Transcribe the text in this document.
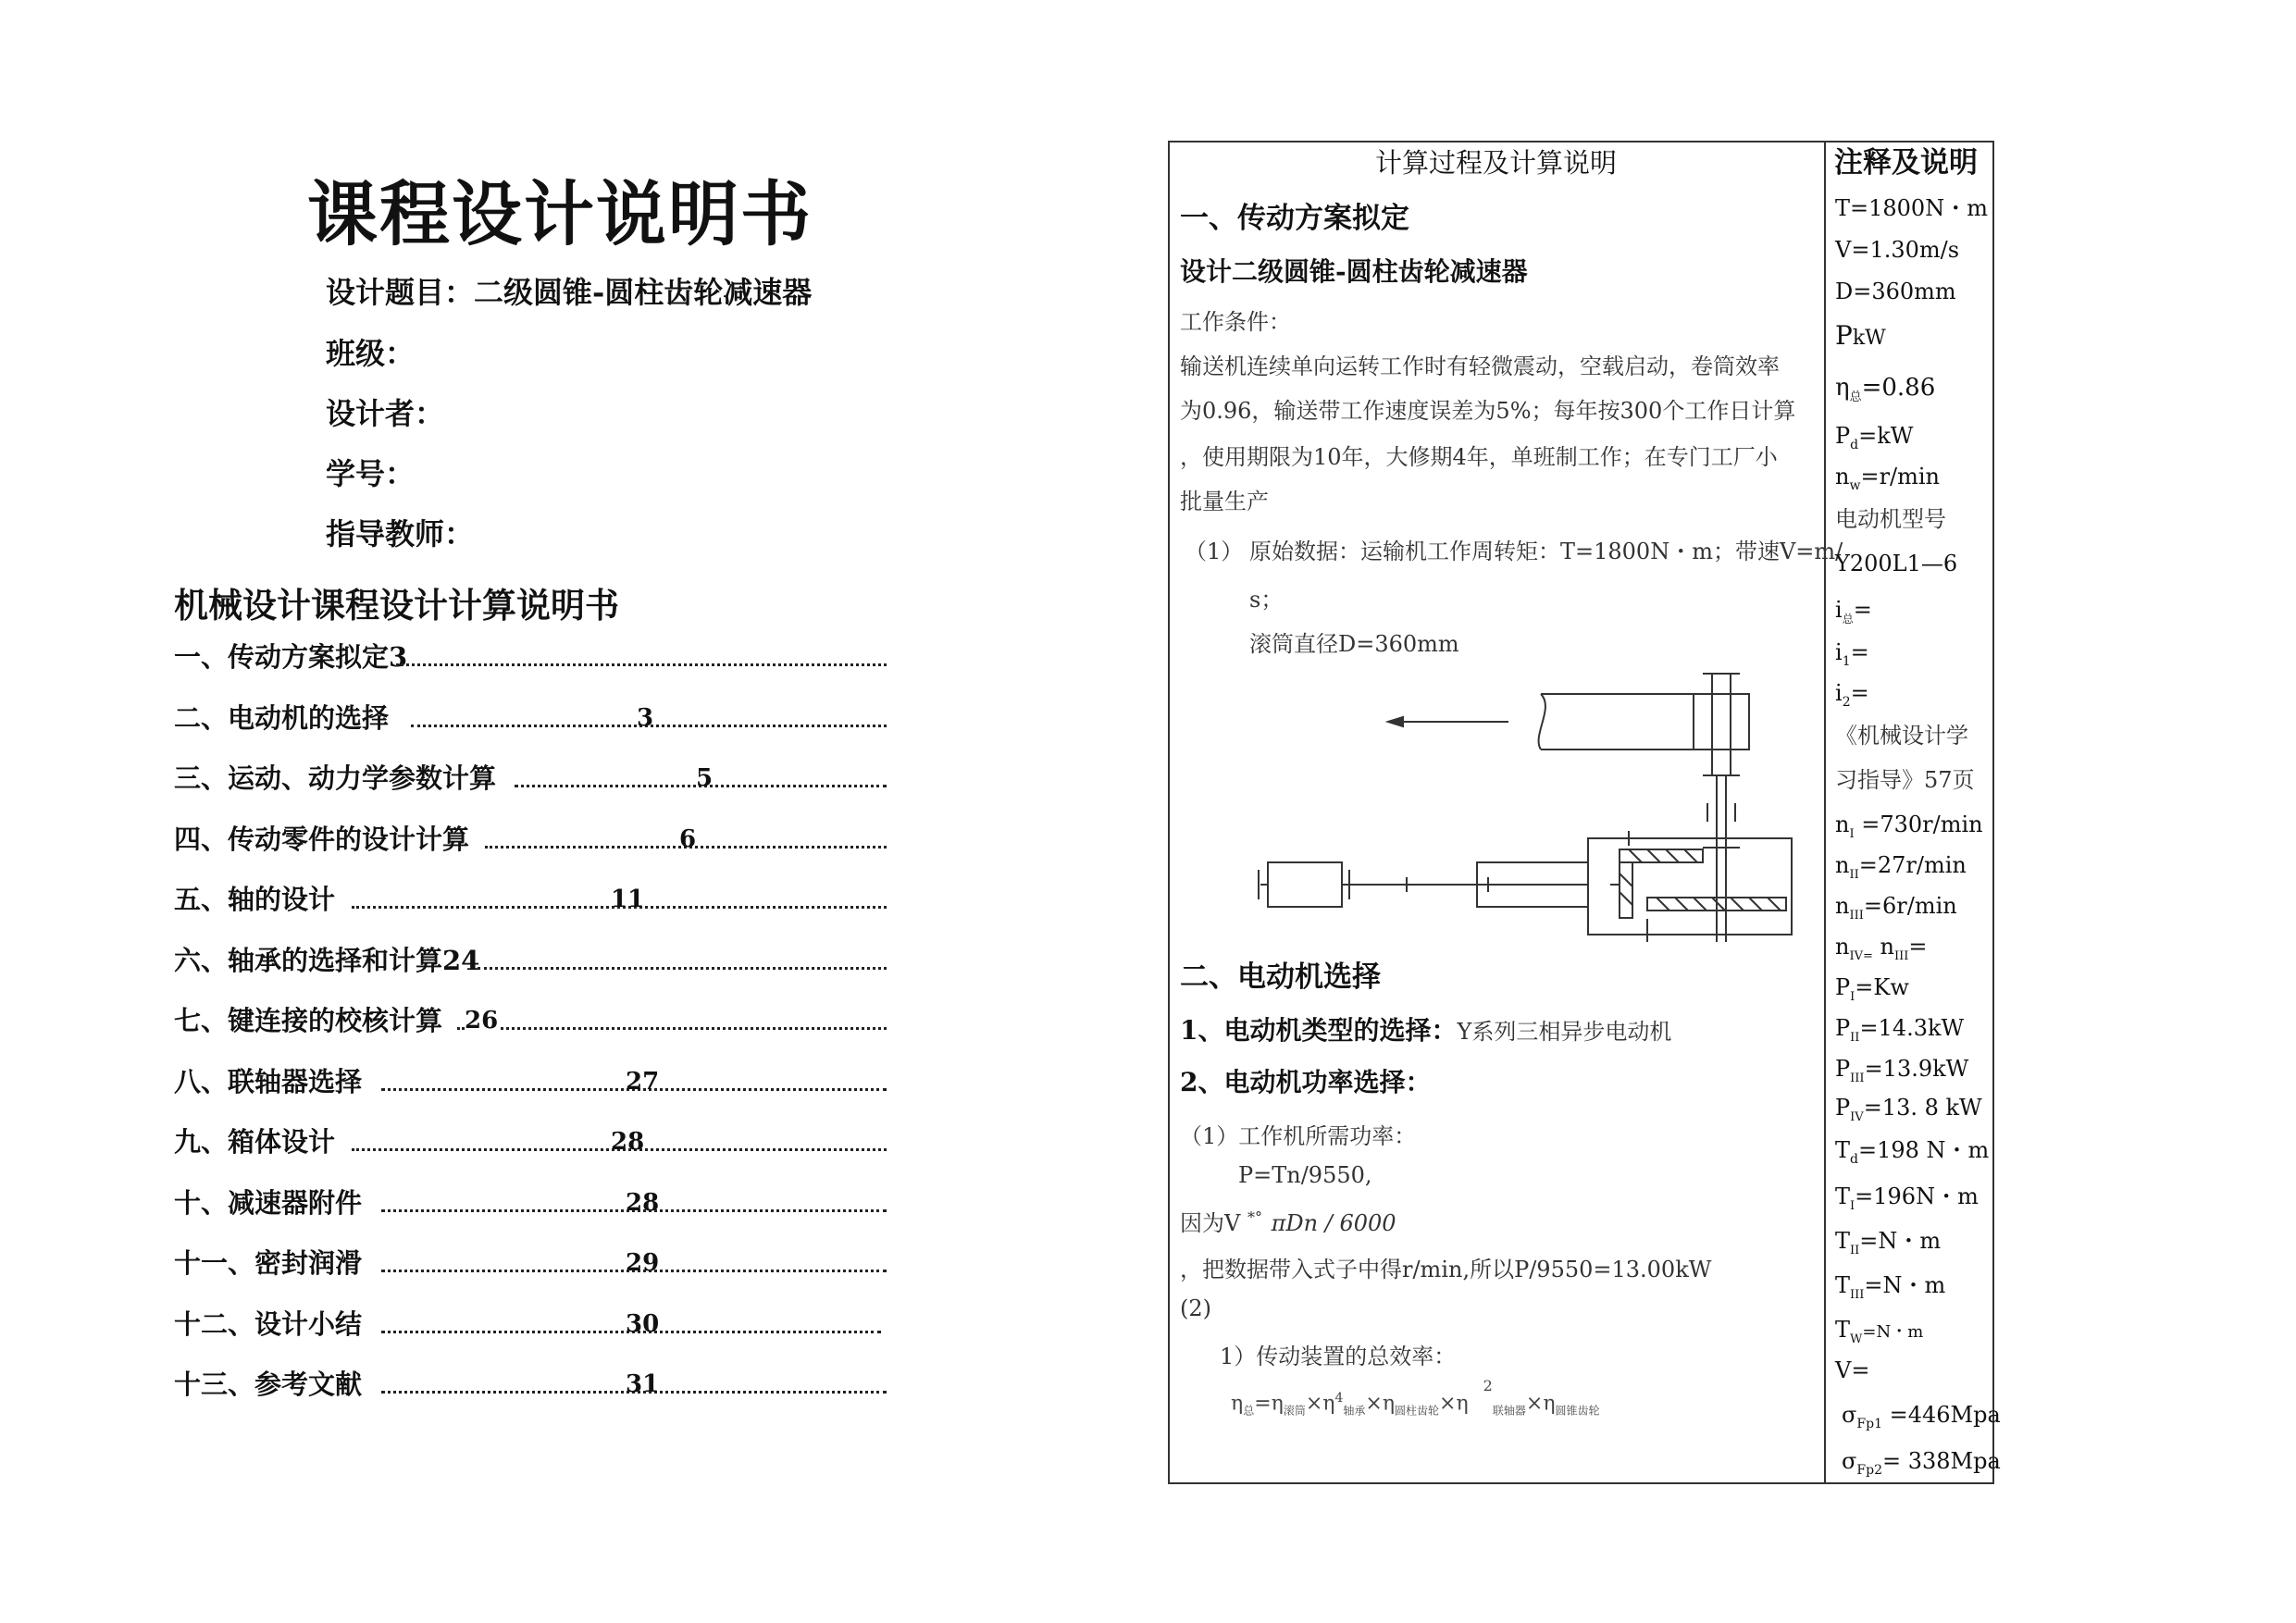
课程设计说明书
设计题目：二级圆锥-圆柱齿轮减速器
班级：
设计者：
学号：
指导教师：
机械设计课程设计计算说明书
一、传动方案拟定3
二、电动机的选择	3
三、运动、动力学参数计算	5
四、传动零件的设计计算	6
五、轴的设计	11
六、轴承的选择和计算24
七、键连接的校核计算 26
八、联轴器选择	27
九、箱体设计	28
十、减速器附件	28
十一、密封润滑	29
十二、设计小结	30
十三、参考文献	31
计算过程及计算说明	注释及说明
一、传动方案拟定
设计二级圆锥-圆柱齿轮减速器
工作条件：
输送机连续单向运转工作时有轻微震动，空载启动，卷筒效率
为0.96，输送带工作速度误差为5%；每年按300个工作日计算
，使用期限为10年，大修期4年，单班制工作；在专门工厂小
批量生产
（1） 原始数据：运输机工作周转矩：T=1800N・m；带速V=m/
s；
滚筒直径D=360mm
二、电动机选择
1、电动机类型的选择：Y系列三相异步电动机
2、电动机功率选择：
（1）工作机所需功率：
P=Tn/9550,
因为V *° πDn / 6000
，把数据带入式子中得r/min,所以P/9550=13.00kW
(2)
1）传动装置的总效率：
$\eta_总=\eta_{滚筒}\times\eta^4_{轴承}\times\eta_{圆柱齿轮}\times\eta^2_{联轴器}\times\eta_{圆锥齿轮}$
T=1800N・m
V=1.30m/s
D=360mm
PkW
$\eta_总=0.86$
$P_d=kW$
$n_w=r/\min$
电动机型号
Y200L1—6
$i_总=$
$i_1=$
$i_2=$
《机械设计学
习指导》57页
$n_I =730r/\min$
$n_{II}=27r/\min$
$n_{III}=6r/\min$
$n_{IV=}$ $n_{III}=$
$P_I=Kw$
$P_{II}=14.3kW$
$P_{III}=13.9kW$
$P_{IV}=13$. 8 kW
$T_d=198$ N・m
$T_I=196N$・m
$T_{II}=N$・m
$T_{III}=N$・m
$T_W=N$・m
V=
$\sigma_{Fp1} =446Mpa$
$\sigma_{Fp2}= 338Mpa$
